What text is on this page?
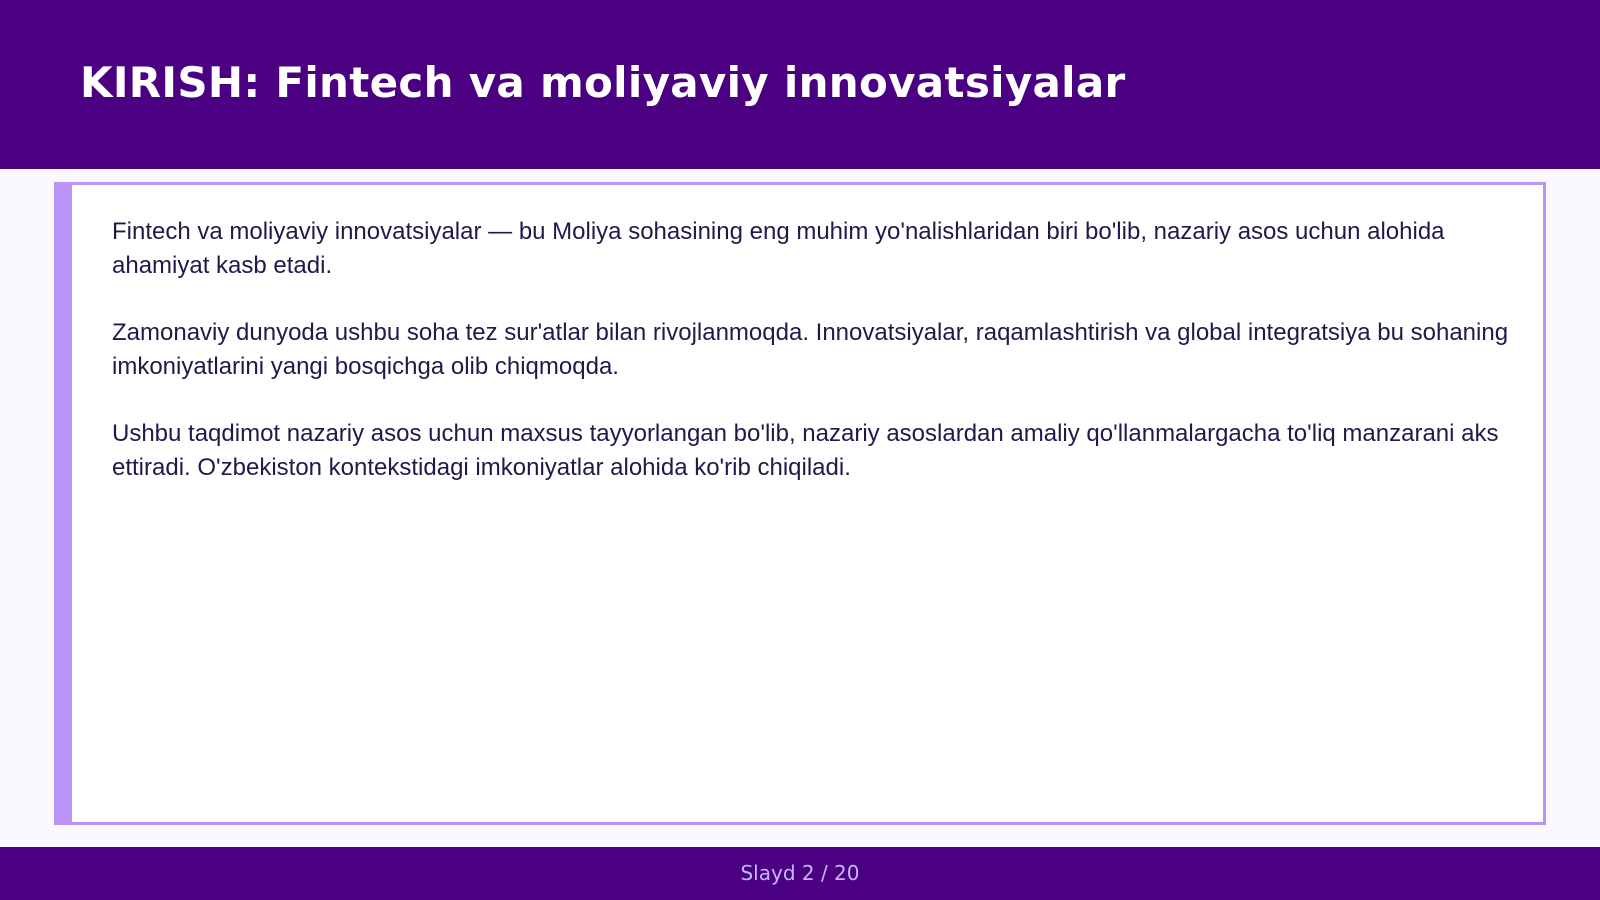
KIRISH: Fintech va moliyaviy innovatsiyalar

Fintech va moliyaviy innovatsiyalar — bu Moliya sohasining eng muhim yo'nalishlaridan biri bo'lib, nazariy asos uchun alohida ahamiyat kasb etadi.

Zamonaviy dunyoda ushbu soha tez sur'atlar bilan rivojlanmoqda. Innovatsiyalar, raqamlashtirish va global integratsiya bu sohaning imkoniyatlarini yangi bosqichga olib chiqmoqda.

Ushbu taqdimot nazariy asos uchun maxsus tayyorlangan bo'lib, nazariy asoslardan amaliy qo'llanmalargacha to'liq manzarani aks ettiradi. O'zbekiston kontekstidagi imkoniyatlar alohida ko'rib chiqiladi.

Slayd 2 / 20
